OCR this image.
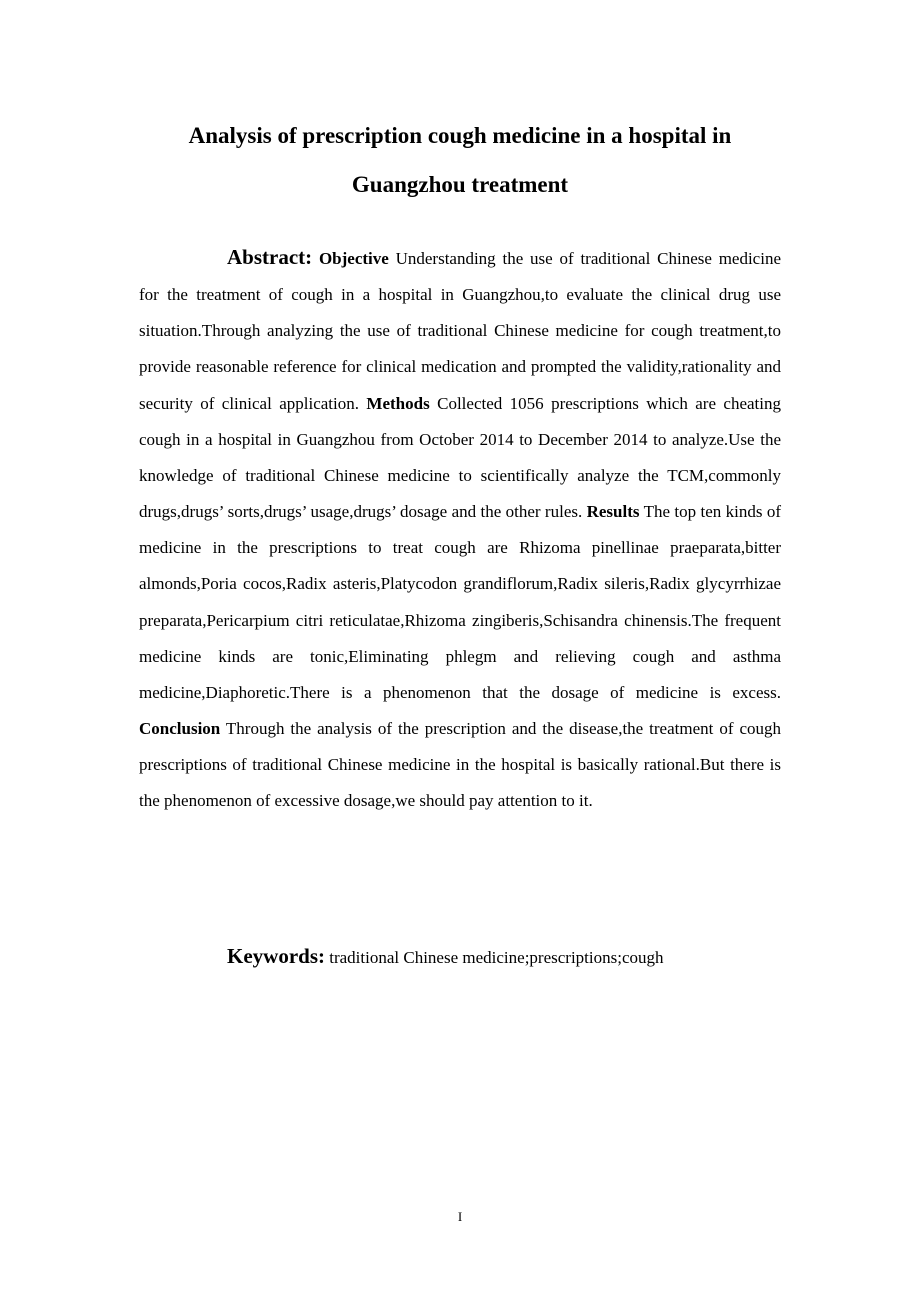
Analysis of prescription cough medicine in a hospital in
Guangzhou treatment

Abstract: Objective Understanding the use of traditional Chinese medicine for the treatment of cough in a hospital in Guangzhou,to evaluate the clinical drug use situation.Through analyzing the use of traditional Chinese medicine for cough treatment,to provide reasonable reference for clinical medication and prompted the validity,rationality and security of clinical application. Methods Collected 1056 prescriptions which are cheating cough in a hospital in Guangzhou from October 2014 to December 2014 to analyze.Use the knowledge of traditional Chinese medicine to scientifically analyze the TCM,commonly drugs,drugs’ sorts,drugs’ usage,drugs’ dosage and the other rules. Results The top ten kinds of medicine in the prescriptions to treat cough are Rhizoma pinellinae praeparata,bitter almonds,Poria cocos,Radix asteris,Platycodon grandiflorum,Radix sileris,Radix glycyrrhizae preparata,Pericarpium citri reticulatae,Rhizoma zingiberis,Schisandra chinensis.The frequent medicine kinds are tonic,Eliminating phlegm and relieving cough and asthma medicine,Diaphoretic.There is a phenomenon that the dosage of medicine is excess. Conclusion Through the analysis of the prescription and the disease,the treatment of cough prescriptions of traditional Chinese medicine in the hospital is basically rational.But there is the phenomenon of excessive dosage,we should pay attention to it.

Keywords: traditional Chinese medicine;prescriptions;cough

I
